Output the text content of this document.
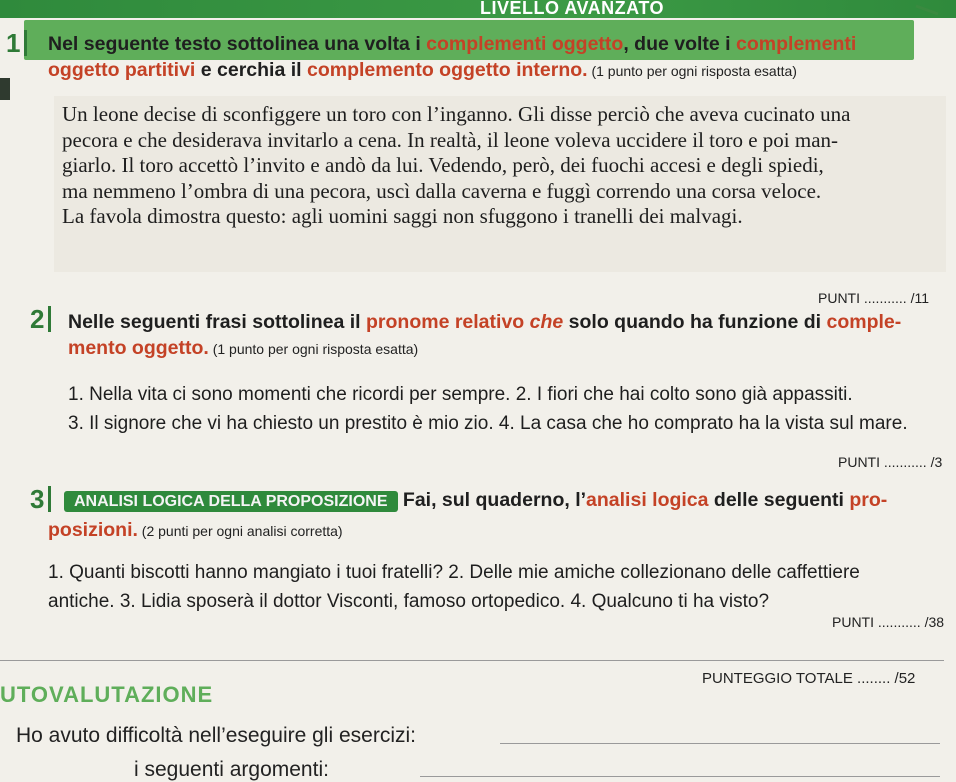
LIVELLO AVANZATO
1	Nel seguente testo sottolinea una volta i complementi oggetto, due volte i complementi
oggetto partitivi e cerchia il complemento oggetto interno. (1 punto per ogni risposta esatta)
Un leone decise di sconfiggere un toro con l’inganno. Gli disse perciò che aveva cucinato una
pecora e che desiderava invitarlo a cena. In realtà, il leone voleva uccidere il toro e poi man-
giarlo. Il toro accettò l’invito e andò da lui. Vedendo, però, dei fuochi accesi e degli spiedi,
ma nemmeno l’ombra di una pecora, uscì dalla caverna e fuggì correndo una corsa veloce.
La favola dimostra questo: agli uomini saggi non sfuggono i tranelli dei malvagi.
PUNTI ........... /11
2	Nelle seguenti frasi sottolinea il pronome relativo che solo quando ha funzione di comple-
mento oggetto. (1 punto per ogni risposta esatta)
1. Nella vita ci sono momenti che ricordi per sempre. 2. I fiori che hai colto sono già appassiti.
3. Il signore che vi ha chiesto un prestito è mio zio. 4. La casa che ho comprato ha la vista sul mare.
PUNTI ........... /3
3	ANALISI LOGICA DELLA PROPOSIZIONE Fai, sul quaderno, l’analisi logica delle seguenti pro-
posizioni. (2 punti per ogni analisi corretta)
1. Quanti biscotti hanno mangiato i tuoi fratelli? 2. Delle mie amiche collezionano delle caffettiere
antiche. 3. Lidia sposerà il dottor Visconti, famoso ortopedico. 4. Qualcuno ti ha visto?
PUNTI ........... /38
PUNTEGGIO TOTALE ........ /52
UTOVALUTAZIONE
Ho avuto difficoltà nell’eseguire gli esercizi:
i seguenti argomenti:
